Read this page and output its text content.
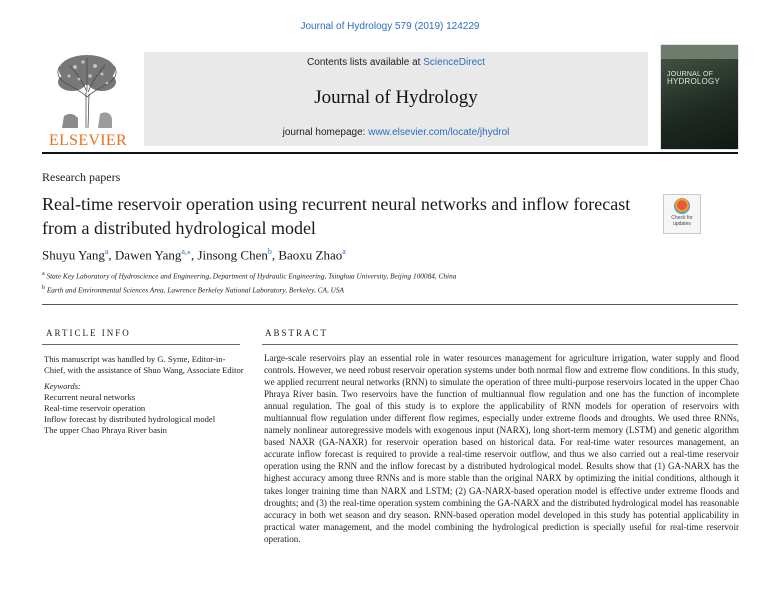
Journal of Hydrology 579 (2019) 124229
ELSEVIER
Contents lists available at ScienceDirect
Journal of Hydrology
journal homepage: www.elsevier.com/locate/jhydrol
JOURNAL OF
HYDROLOGY
Research papers
Real-time reservoir operation using recurrent neural networks and inflow forecast from a distributed hydrological model	Check for
updates
Shuyu Yang$^a$, Dawen Yang$^{a,⁎}$, Jinsong Chen$^b$, Baoxu Zhao$^a$
$^a$ State Key Laboratory of Hydroscience and Engineering, Department of Hydraulic Engineering, Tsinghua University, Beijing 100084, China
$^b$ Earth and Environmental Sciences Area, Lawrence Berkeley National Laboratory, Berkeley, CA, USA
ARTICLE INFO	ABSTRACT
This manuscript was handled by G. Syme, Editor-in-Chief, with the assistance of Shuo Wang, Associate Editor
Keywords:
Recurrent neural networks
Real-time reservoir operation
Inflow forecast by distributed hydrological model
The upper Chao Phraya River basin
Large-scale reservoirs play an essential role in water resources management for agriculture irrigation, water supply and flood controls. However, we need robust reservoir operation systems under both normal flow and extreme flow conditions. In this study, we applied recurrent neural networks (RNN) to simulate the operation of three multi-purpose reservoirs located in the upper Chao Phraya River basin. Two reservoirs have the function of multiannual flow regulation and one has the function of incomplete annual regulation. The goal of this study is to explore the applicability of RNN models for operation of reservoirs with multiannual flow regulation under different flow regimes, especially under extreme floods and droughts. We used three RNNs, namely nonlinear autoregressive models with exogenous input (NARX), long short-term memory (LSTM) and genetic algorithm based NAXR (GA-NAXR) for reservoir operation based on historical data. For real-time water resources management, an accurate inflow forecast is required to provide a real-time reservoir outflow, and thus we also carried out a real-time reservoir operation using the RNN and the inflow forecast by a distributed hydrological model. Results show that (1) GA-NARX has the highest accuracy among three RNNs and is more stable than the original NARX by optimizing the initial conditions, although it takes longer training time than NARX and LSTM; (2) GA-NARX-based operation model is effective under extreme floods and droughts; and (3) the real-time operation system combining the GA-NARX and the distributed hydrological model has reasonable accuracy in both wet season and dry season. RNN-based operation model developed in this study has potential applicability in practical water management, and the model combining the hydrological prediction is specially useful for real-time reservoir operation.
